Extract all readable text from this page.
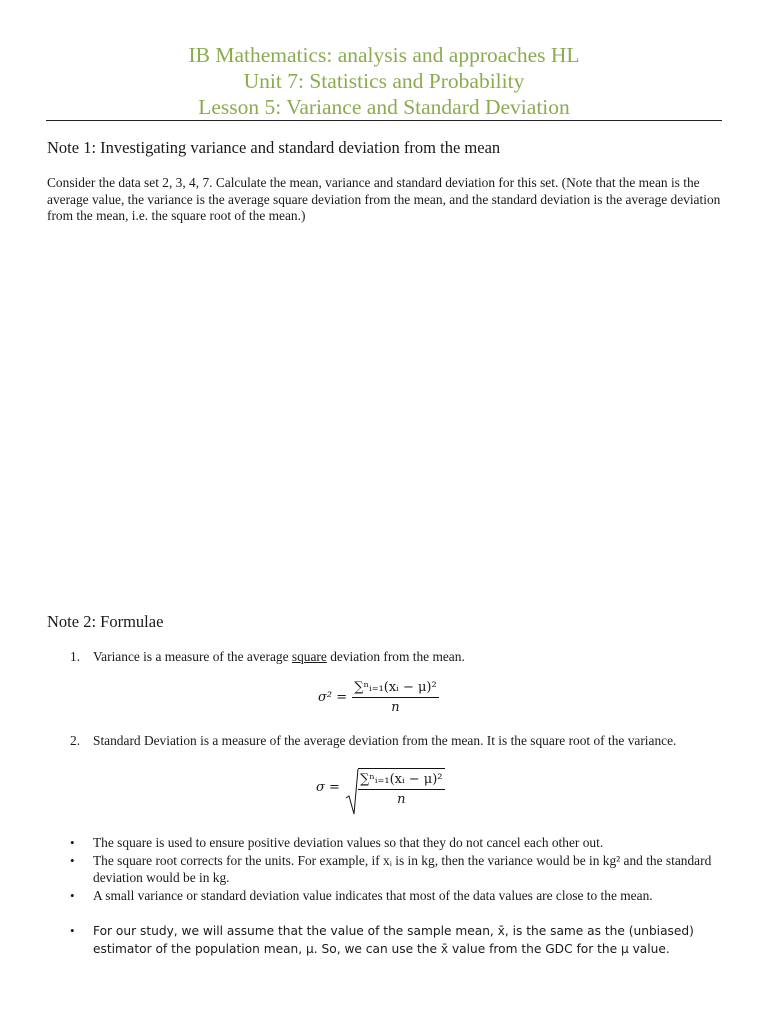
IB Mathematics: analysis and approaches HL
Unit 7: Statistics and Probability
Lesson 5: Variance and Standard Deviation
Note 1: Investigating variance and standard deviation from the mean
Consider the data set 2, 3, 4, 7. Calculate the mean, variance and standard deviation for this set. (Note that the mean is the average value, the variance is the average square deviation from the mean, and the standard deviation is the average deviation from the mean, i.e. the square root of the mean.)
Note 2: Formulae
1. Variance is a measure of the average square deviation from the mean.
$\sigma^2 = \frac{\text{∑ⁿᵢ₌₁(xᵢ − μ)²}}{n}$
2. Standard Deviation is a measure of the average deviation from the mean. It is the square root of the variance.
$\sigma = \frac{\text{∑ⁿᵢ₌₁(xᵢ − μ)²}}{n}$
• The square is used to ensure positive deviation values so that they do not cancel each other out.
• The square root corrects for the units. For example, if xᵢ is in kg, then the variance would be in kg² and the standard deviation would be in kg.
• A small variance or standard deviation value indicates that most of the data values are close to the mean.
• For our study, we will assume that the value of the sample mean, x̄, is the same as the (unbiased) estimator of the population mean, μ. So, we can use the x̄ value from the GDC for the μ value.
